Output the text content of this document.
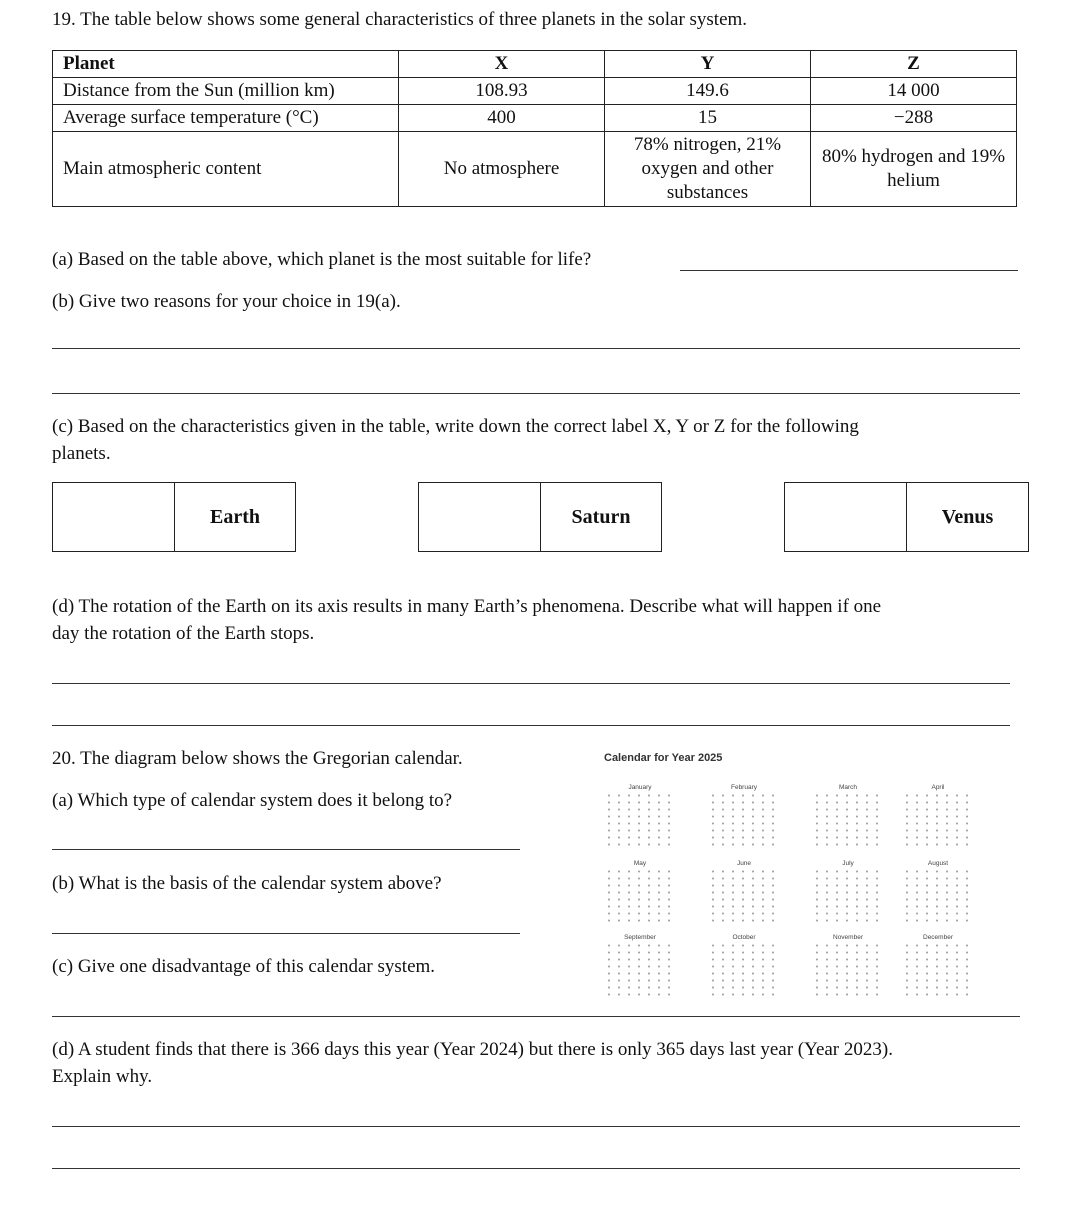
19. The table below shows some general characteristics of three planets in the solar system.
Planet	X	Y	Z
Distance from the Sun (million km)	108.93	149.6	14 000
Average surface temperature (°C)	400	15	−288
Main atmospheric content	No atmosphere	78% nitrogen, 21% oxygen and other substances	80% hydrogen and 19% helium
(a) Based on the table above, which planet is the most suitable for life?
(b) Give two reasons for your choice in 19(a).
(c) Based on the characteristics given in the table, write down the correct label X, Y or Z for the following
planets.
Earth	Saturn	Venus
(d) The rotation of the Earth on its axis results in many Earth’s phenomena. Describe what will happen if one
day the rotation of the Earth stops.
20. The diagram below shows the Gregorian calendar.
(a) Which type of calendar system does it belong to?
(b) What is the basis of the calendar system above?
(c) Give one disadvantage of this calendar system.
(d) A student finds that there is 366 days this year (Year 2024) but there is only 365 days last year (Year 2023).
Explain why.
Calendar for Year 2025
January	February	March	April
May	June	July	August
September	October	November	December
